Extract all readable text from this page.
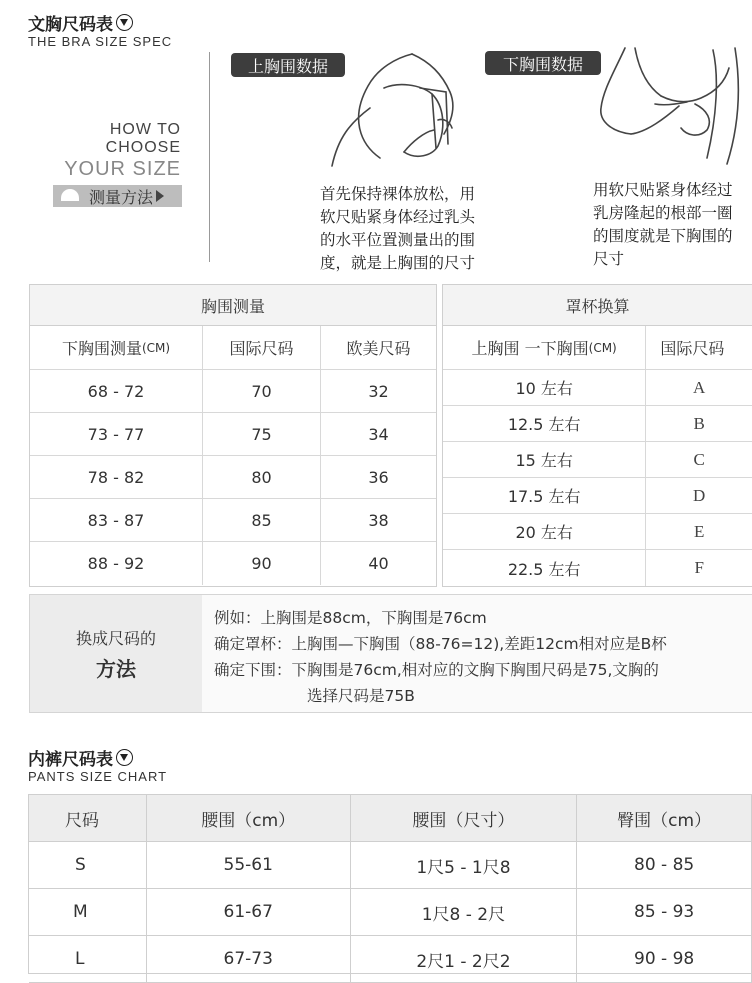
文胸尺码表
THE BRA SIZE SPEC
HOW TO
CHOOSE
YOUR SIZE
测量方法
上胸围数据
首先保持裸体放松，用
软尺贴紧身体经过乳头
的水平位置测量出的围
度，就是上胸围的尺寸
下胸围数据
用软尺贴紧身体经过
乳房隆起的根部一圈
的围度就是下胸围的
尺寸
胸围测量
下胸围测量 (CM)	国际尺码	欧美尺码
68 - 72	70	32
73 - 77	75	34
78 - 82	80	36
83 - 87	85	38
88 - 92	90	40
罩杯换算
上胸围 一下胸围 (CM)	国际尺码
10 左右	A
12.5 左右	B
15 左右	C
17.5 左右	D
20 左右	E
22.5 左右	F
换成尺码的
方法
例如：上胸围是88cm，下胸围是76cm
确定罩杯：上胸围—下胸围（88-76=12),差距12cm相对应是B杯
确定下围：下胸围是76cm,相对应的文胸下胸围尺码是75,文胸的
选择尺码是75B
内裤尺码表
PANTS SIZE CHART
尺码	腰围（cm）	腰围（尺寸）	臀围（cm）
S	55-61	1尺5 - 1尺8	80 - 85
M	61-67	1尺8 - 2尺	85 - 93
L	67-73	2尺1 - 2尺2	90 - 98
